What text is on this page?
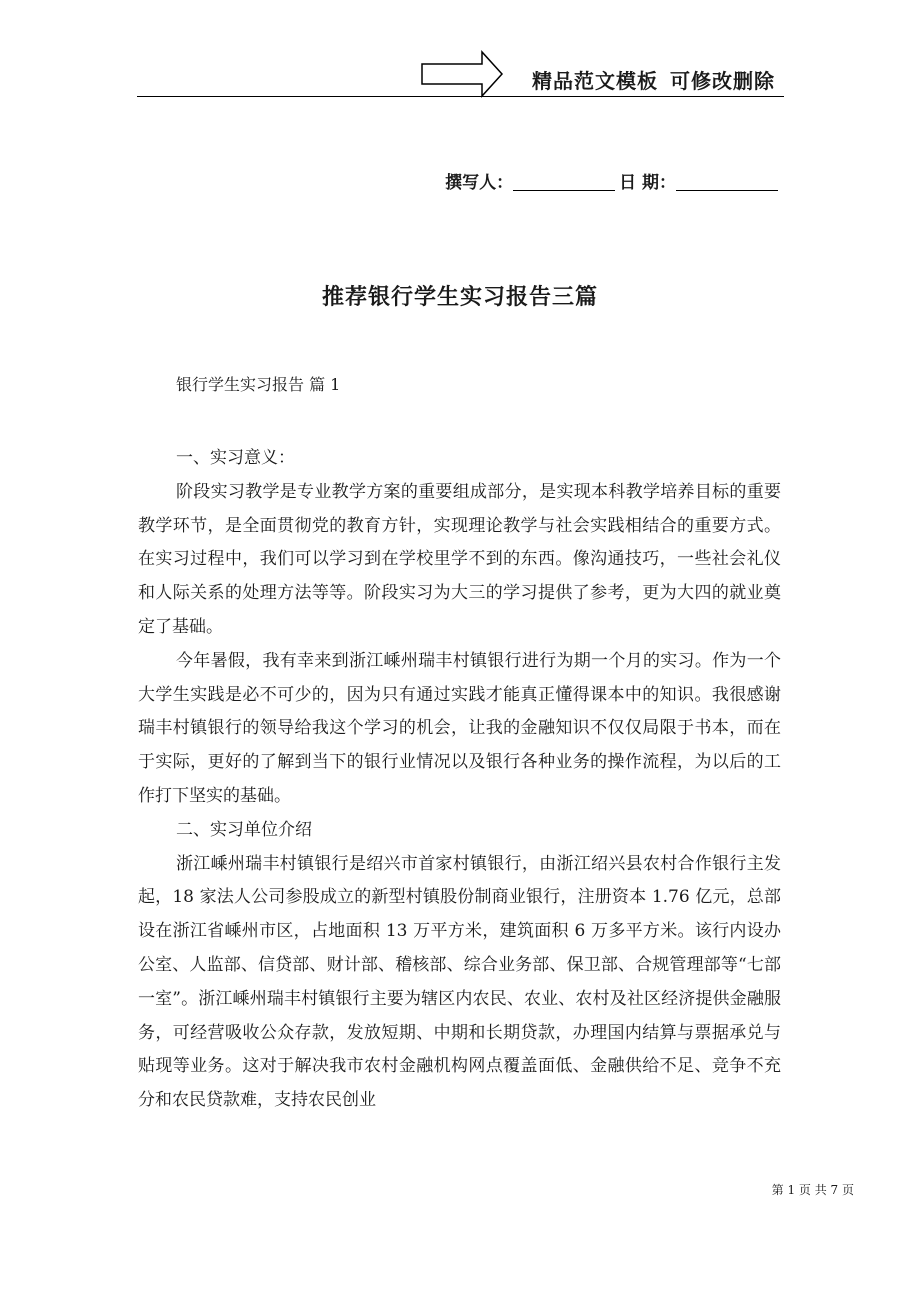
精品范文模板 可修改删除
撰写人：	日 期：
推荐银行学生实习报告三篇
银行学生实习报告 篇 1

一、实习意义：

阶段实习教学是专业教学方案的重要组成部分，是实现本科教学培养目标的重要教学环节，是全面贯彻党的教育方针，实现理论教学与社会实践相结合的重要方式。在实习过程中，我们可以学习到在学校里学不到的东西。像沟通技巧，一些社会礼仪和人际关系的处理方法等等。阶段实习为大三的学习提供了参考，更为大四的就业奠定了基础。

今年暑假，我有幸来到浙江嵊州瑞丰村镇银行进行为期一个月的实习。作为一个大学生实践是必不可少的，因为只有通过实践才能真正懂得课本中的知识。我很感谢瑞丰村镇银行的领导给我这个学习的机会，让我的金融知识不仅仅局限于书本，而在于实际，更好的了解到当下的银行业情况以及银行各种业务的操作流程，为以后的工作打下坚实的基础。

二、实习单位介绍

浙江嵊州瑞丰村镇银行是绍兴市首家村镇银行，由浙江绍兴县农村合作银行主发起，18 家法人公司参股成立的新型村镇股份制商业银行，注册资本 1.76 亿元，总部设在浙江省嵊州市区，占地面积 13 万平方米，建筑面积 6 万多平方米。该行内设办公室、人监部、信贷部、财计部、稽核部、综合业务部、保卫部、合规管理部等“七部一室”。浙江嵊州瑞丰村镇银行主要为辖区内农民、农业、农村及社区经济提供金融服务，可经营吸收公众存款，发放短期、中期和长期贷款，办理国内结算与票据承兑与贴现等业务。这对于解决我市农村金融机构网点覆盖面低、金融供给不足、竞争不充分和农民贷款难，支持农民创业

第 1 页 共 7 页
